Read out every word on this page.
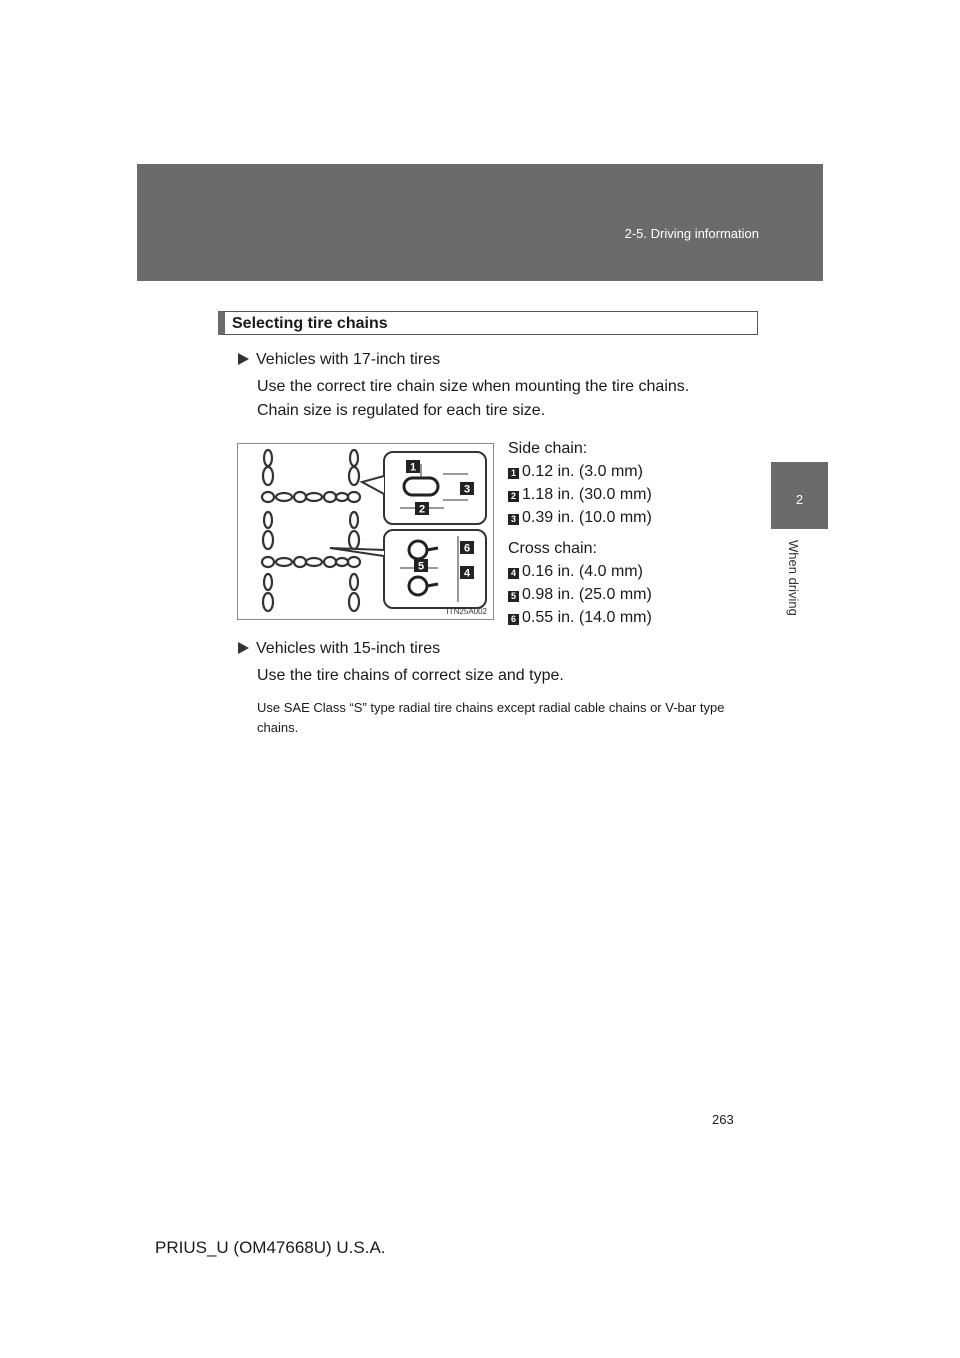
2-5. Driving information
2
When driving
Selecting tire chains
Vehicles with 17-inch tires
Use the correct tire chain size when mounting the tire chains.
Chain size is regulated for each tire size.
1
2
3
4
5
6
ITN25A002
Side chain:
1 0.12 in. (3.0 mm)
2 1.18 in. (30.0 mm)
3 0.39 in. (10.0 mm)
Cross chain:
4 0.16 in. (4.0 mm)
5 0.98 in. (25.0 mm)
6 0.55 in. (14.0 mm)
Vehicles with 15-inch tires
Use the tire chains of correct size and type.
Use SAE Class “S” type radial tire chains except radial cable chains or V-bar type chains.
263
PRIUS_U (OM47668U) U.S.A.
